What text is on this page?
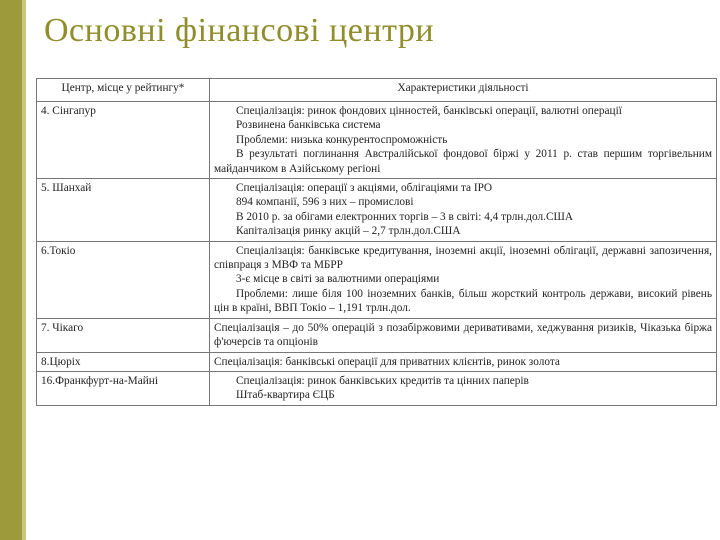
Основні фінансові центри
Центр, місце у рейтингу*	Характеристики діяльності
4. Сінгапур	Спеціалізація: ринок фондових цінностей, банківські операції, валютні операції
Розвинена банківська система
Проблеми: низька конкурентоспроможність
В результаті поглинання Австралійської фондової біржі у 2011 р. став першим торгівельним майданчиком в Азійському регіоні

5. Шанхай	Спеціалізація: операції з акціями, облігаціями та IPO
894 компанії, 596 з них – промислові
В 2010 р. за обігами електронних торгів – 3 в світі: 4,4 трлн.дол.США
Капіталізація ринку акцій – 2,7 трлн.дол.США

6.Токіо	Спеціалізація: банківське кредитування, іноземні акції, іноземні облігації, державні запозичення, співпраця з МВФ та МБРР
3-є місце в світі за валютними операціями
Проблеми: лише біля 100 іноземних банків, більш жорсткий контроль держави, високий рівень цін в країні, ВВП Токіо – 1,191 трлн.дол.

7. Чікаго	Спеціалізація – до 50% операцій з позабіржовими деривативами, хеджування ризиків, Чіказька біржа ф'ючерсів та опціонів

8.Цюріх	Спеціалізація: банківські операції для приватних клієнтів, ринок золота

16.Франкфурт-на-Майні	Спеціалізація: ринок банківських кредитів та цінних паперів
Штаб-квартира ЄЦБ
